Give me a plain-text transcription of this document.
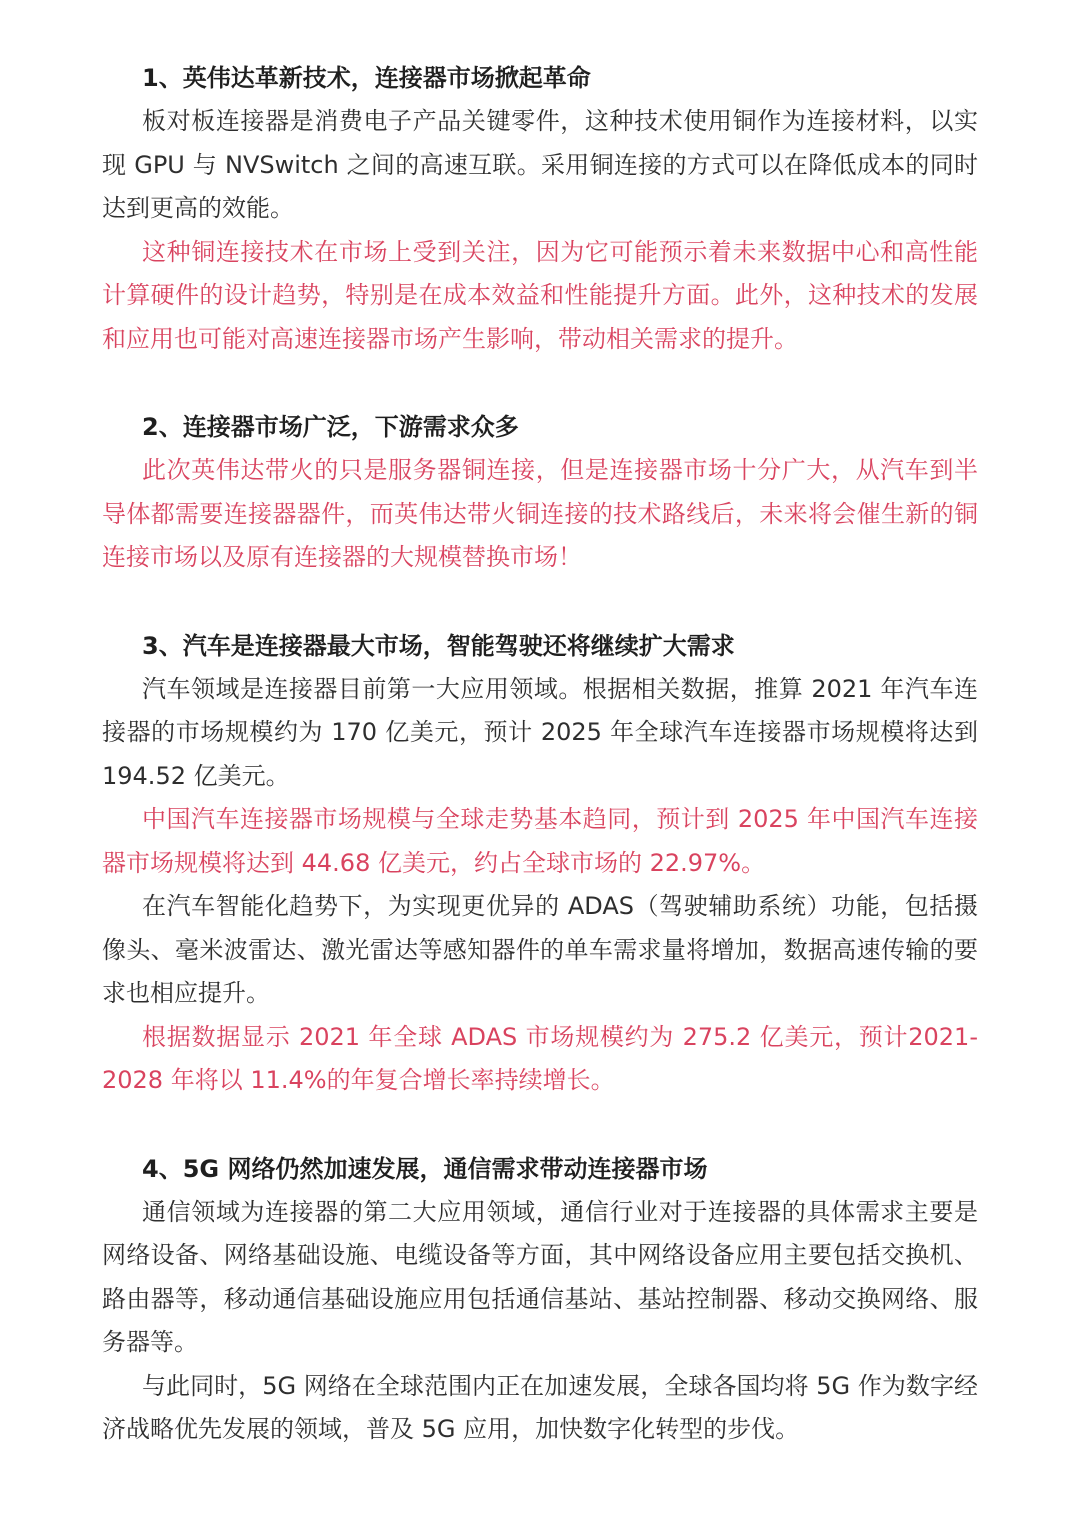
1、英伟达革新技术，连接器市场掀起革命

板对板连接器是消费电子产品关键零件，这种技术使用铜作为连接材料，以实现 GPU 与 NVSwitch 之间的高速互联。采用铜连接的方式可以在降低成本的同时达到更高的效能。

这种铜连接技术在市场上受到关注，因为它可能预示着未来数据中心和高性能计算硬件的设计趋势，特别是在成本效益和性能提升方面。此外，这种技术的发展和应用也可能对高速连接器市场产生影响，带动相关需求的提升。

2、连接器市场广泛，下游需求众多

此次英伟达带火的只是服务器铜连接，但是连接器市场十分广大，从汽车到半导体都需要连接器器件，而英伟达带火铜连接的技术路线后，未来将会催生新的铜连接市场以及原有连接器的大规模替换市场！

3、汽车是连接器最大市场，智能驾驶还将继续扩大需求

汽车领域是连接器目前第一大应用领域。根据相关数据，推算 2021 年汽车连接器的市场规模约为 170 亿美元，预计 2025 年全球汽车连接器市场规模将达到 194.52 亿美元。

中国汽车连接器市场规模与全球走势基本趋同，预计到 2025 年中国汽车连接器市场规模将达到 44.68 亿美元，约占全球市场的 22.97%。

在汽车智能化趋势下，为实现更优异的 ADAS（驾驶辅助系统）功能，包括摄像头、毫米波雷达、激光雷达等感知器件的单车需求量将增加，数据高速传输的要求也相应提升。

根据数据显示 2021 年全球 ADAS 市场规模约为 275.2 亿美元，预计2021-2028 年将以 11.4%的年复合增长率持续增长。

4、5G 网络仍然加速发展，通信需求带动连接器市场

通信领域为连接器的第二大应用领域，通信行业对于连接器的具体需求主要是网络设备、网络基础设施、电缆设备等方面，其中网络设备应用主要包括交换机、路由器等，移动通信基础设施应用包括通信基站、基站控制器、移动交换网络、服务器等。

与此同时，5G 网络在全球范围内正在加速发展，全球各国均将 5G 作为数字经济战略优先发展的领域，普及 5G 应用，加快数字化转型的步伐。
